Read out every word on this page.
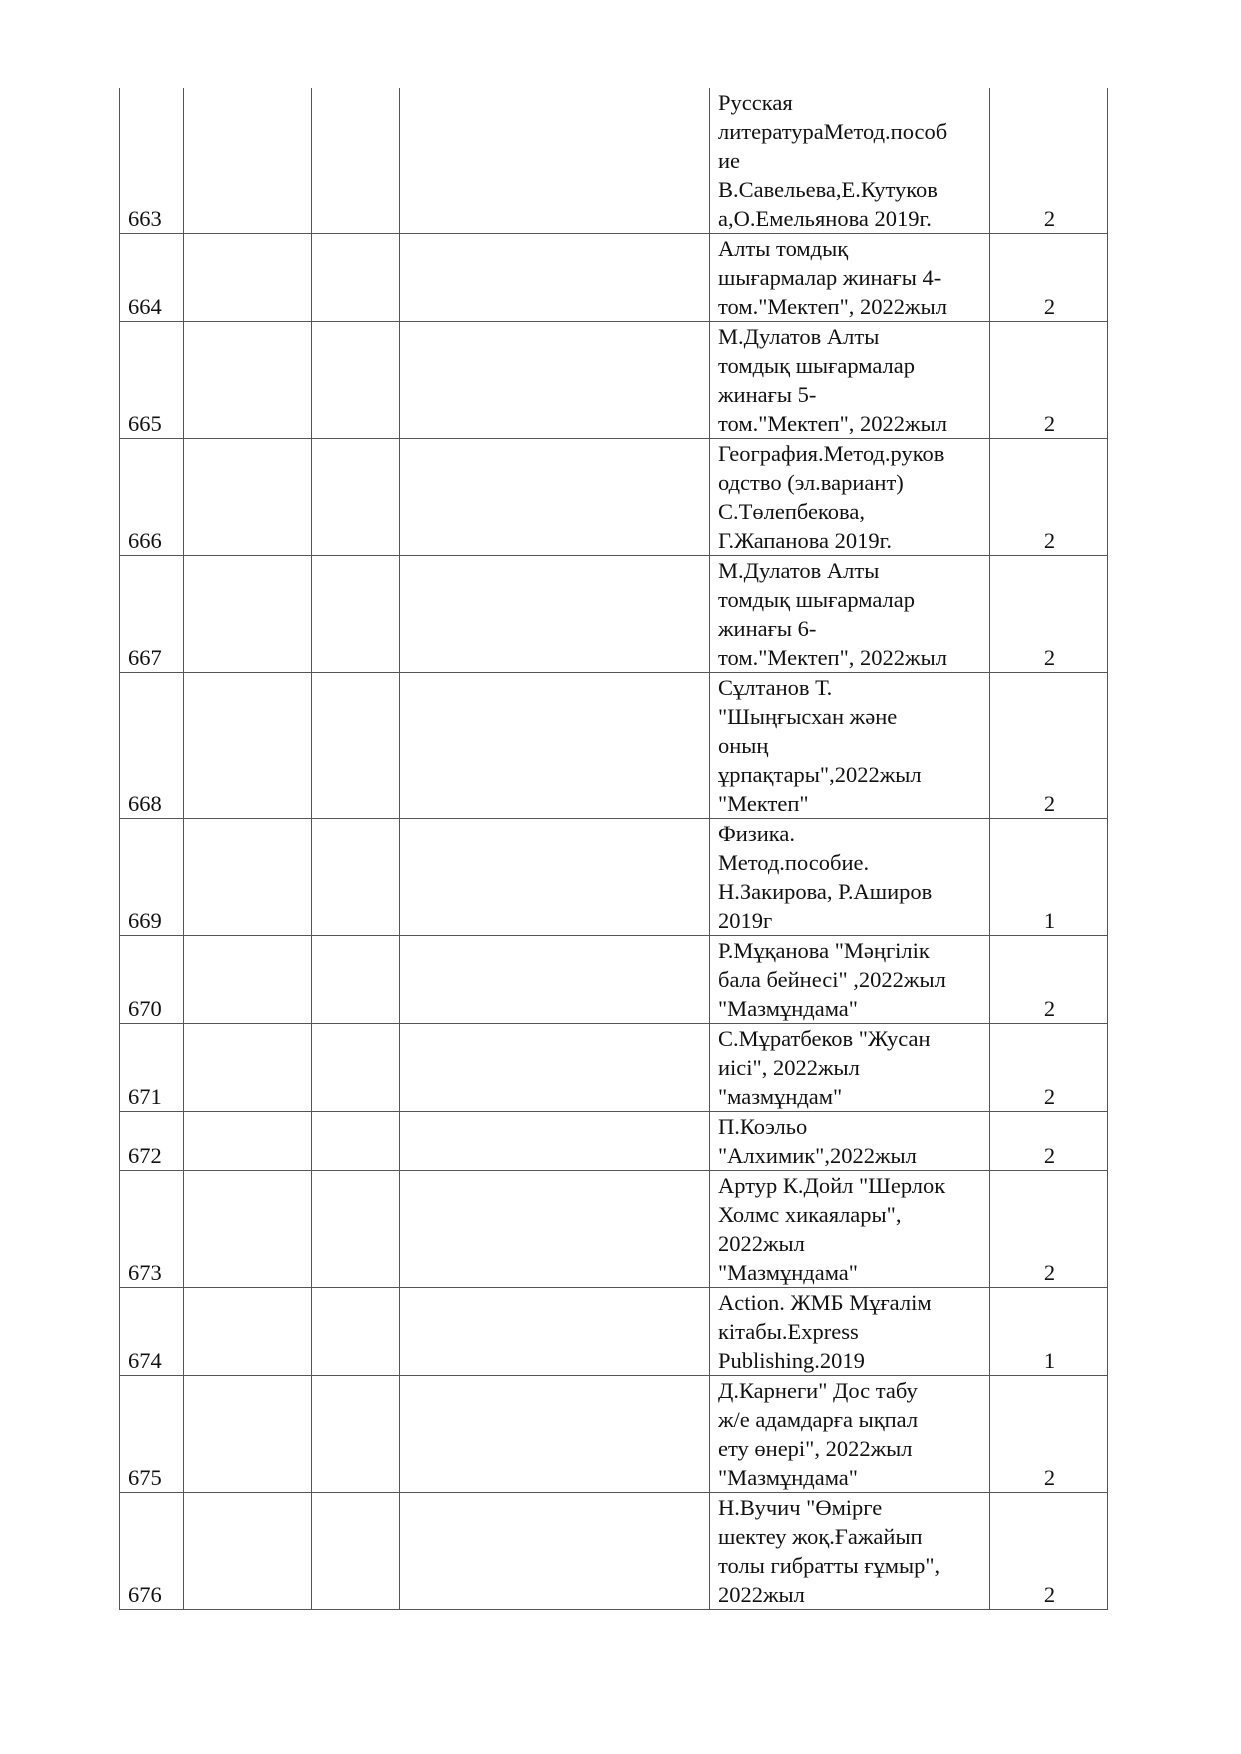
663				Русская
литератураМетод.пособ
ие
В.Савельева,Е.Кутуков
а,О.Емельянова 2019г.	2
664				Алты томдық
шығармалар жинағы 4-
том."Мектеп", 2022жыл	2
665				М.Дулатов Алты
томдық шығармалар
жинағы 5-
том."Мектеп", 2022жыл	2
666				География.Метод.руков
одство (эл.вариант)
С.Төлепбекова,
Г.Жапанова 2019г.	2
667				М.Дулатов Алты
томдық шығармалар
жинағы 6-
том."Мектеп", 2022жыл	2
668				Сұлтанов Т.
"Шыңғысхан және
оның
ұрпақтары",2022жыл
"Мектеп"	2
669				Физика.
Метод.пособие.
Н.Закирова, Р.Аширов
2019г	1
670				Р.Мұқанова "Мәңгілік
бала бейнесі" ,2022жыл
"Мазмұндама"	2
671				С.Мұратбеков "Жусан
иісі", 2022жыл
"мазмұндам"	2
672				П.Коэльо
"Алхимик",2022жыл	2
673				Артур К.Дойл "Шерлок
Холмс хикаялары",
2022жыл
"Мазмұндама"	2
674				Action. ЖМБ Мұғалім
кітабы.Express
Publishing.2019	1
675				Д.Карнеги" Дос табу
ж/е адамдарға ықпал
ету өнері", 2022жыл
"Мазмұндама"	2
676				Н.Вучич "Өмірге
шектеу жоқ.Ғажайып
толы гибратты ғұмыр",
2022жыл	2
